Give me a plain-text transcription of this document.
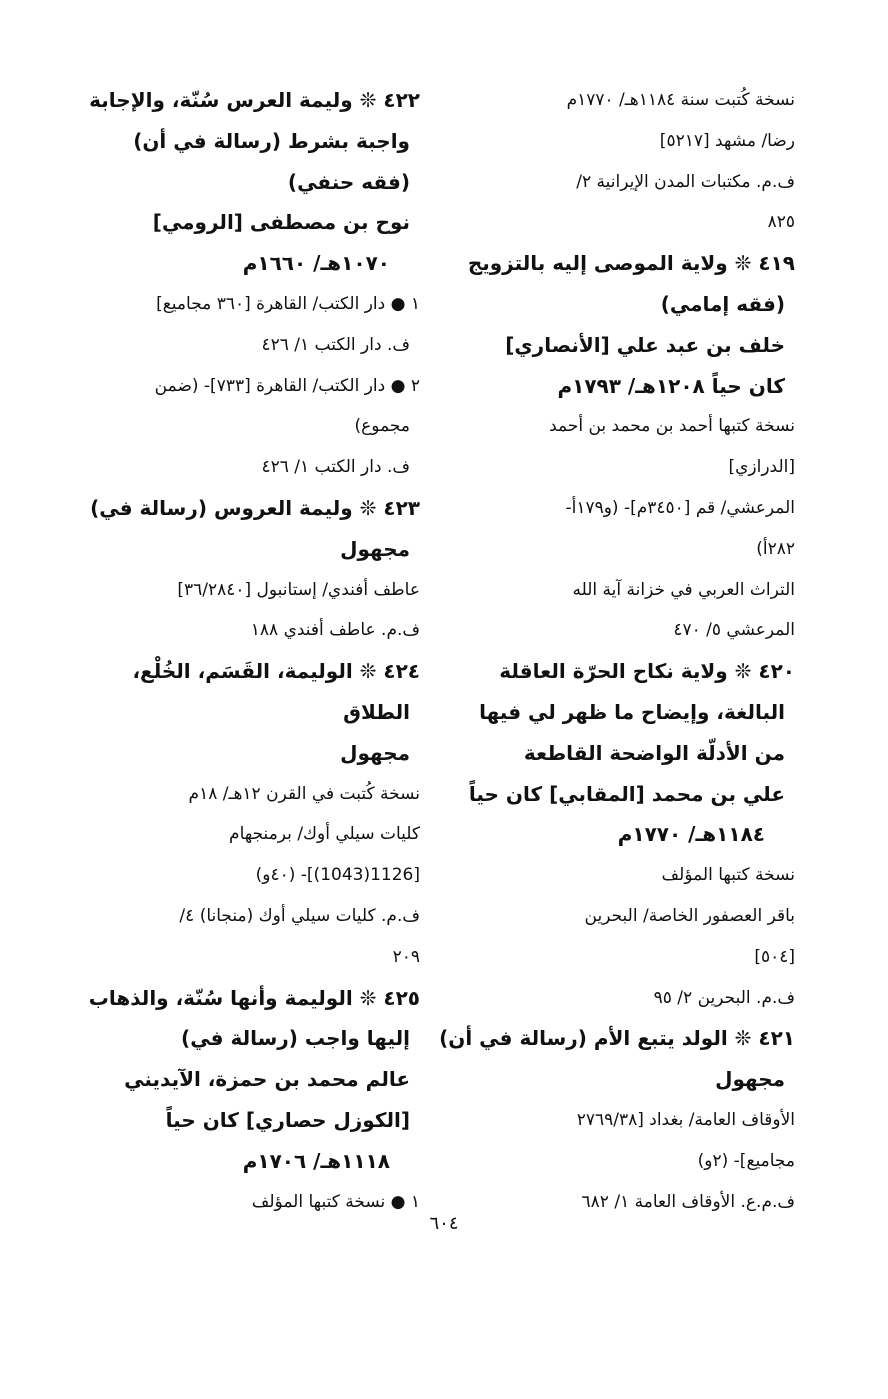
نسخة كُتبت سنة ١١٨٤هـ/ ١٧٧٠م
رضا/ مشهد [٥٢١٧]
ف.م. مكتبات المدن الإيرانية ٢/
٨٢٥
٤١٩ ❊ ولاية الموصى إليه بالتزويج
(فقه إمامي)
خلف بن عبد علي [الأنصاري]
كان حياً ١٢٠٨هـ/ ١٧٩٣م
نسخة كتبها أحمد بن محمد بن أحمد
[الدرازي]
المرعشي/ قم [٣٤٥٠م]- (و١٧٩أ-
٢٨٢أ)
التراث العربي في خزانة آية الله
المرعشي ٥/ ٤٧٠
٤٢٠ ❊ ولاية نكاح الحرّة العاقلة
البالغة، وإيضاح ما ظهر لي فيها
من الأدلّة الواضحة القاطعة
علي بن محمد [المقابي] كان حياً
١١٨٤هـ/ ١٧٧٠م
نسخة كتبها المؤلف
باقر العصفور الخاصة/ البحرين
[٥٠٤]
ف.م. البحرين ٢/ ٩٥
٤٢١ ❊ الولد يتبع الأم (رسالة في أن)
مجهول
الأوقاف العامة/ بغداد [٢٧٦٩/٣٨
مجاميع]- (٢و)
ف.م.ع. الأوقاف العامة ١/ ٦٨٢
٤٢٢ ❊ وليمة العرس سُنّة، والإجابة
واجبة بشرط (رسالة في أن)
(فقه حنفي)
نوح بن مصطفى [الرومي]
١٠٧٠هـ/ ١٦٦٠م
١ ● دار الكتب/ القاهرة [٣٦٠ مجاميع]
ف. دار الكتب ١/ ٤٢٦
٢ ● دار الكتب/ القاهرة [٧٣٣]- (ضمن
مجموع)
ف. دار الكتب ١/ ٤٢٦
٤٢٣ ❊ وليمة العروس (رسالة في)
مجهول
عاطف أفندي/ إستانبول [٣٦/٢٨٤٠]
ف.م. عاطف أفندي ١٨٨
٤٢٤ ❊ الوليمة، القَسَم، الخُلْع،
الطلاق
مجهول
نسخة كُتبت في القرن ١٢هـ/ ١٨م
كليات سيلي أوك/ برمنجهام
[1126(1043)]- (٤٠و)
ف.م. كليات سيلي أوك (منجانا) ٤/
٢٠٩
٤٢٥ ❊ الوليمة وأنها سُنّة، والذهاب
إليها واجب (رسالة في)
عالم محمد بن حمزة، الآيديني
[الكوزل حصاري] كان حياً
١١١٨هـ/ ١٧٠٦م
١ ● نسخة كتبها المؤلف
٦٠٤
